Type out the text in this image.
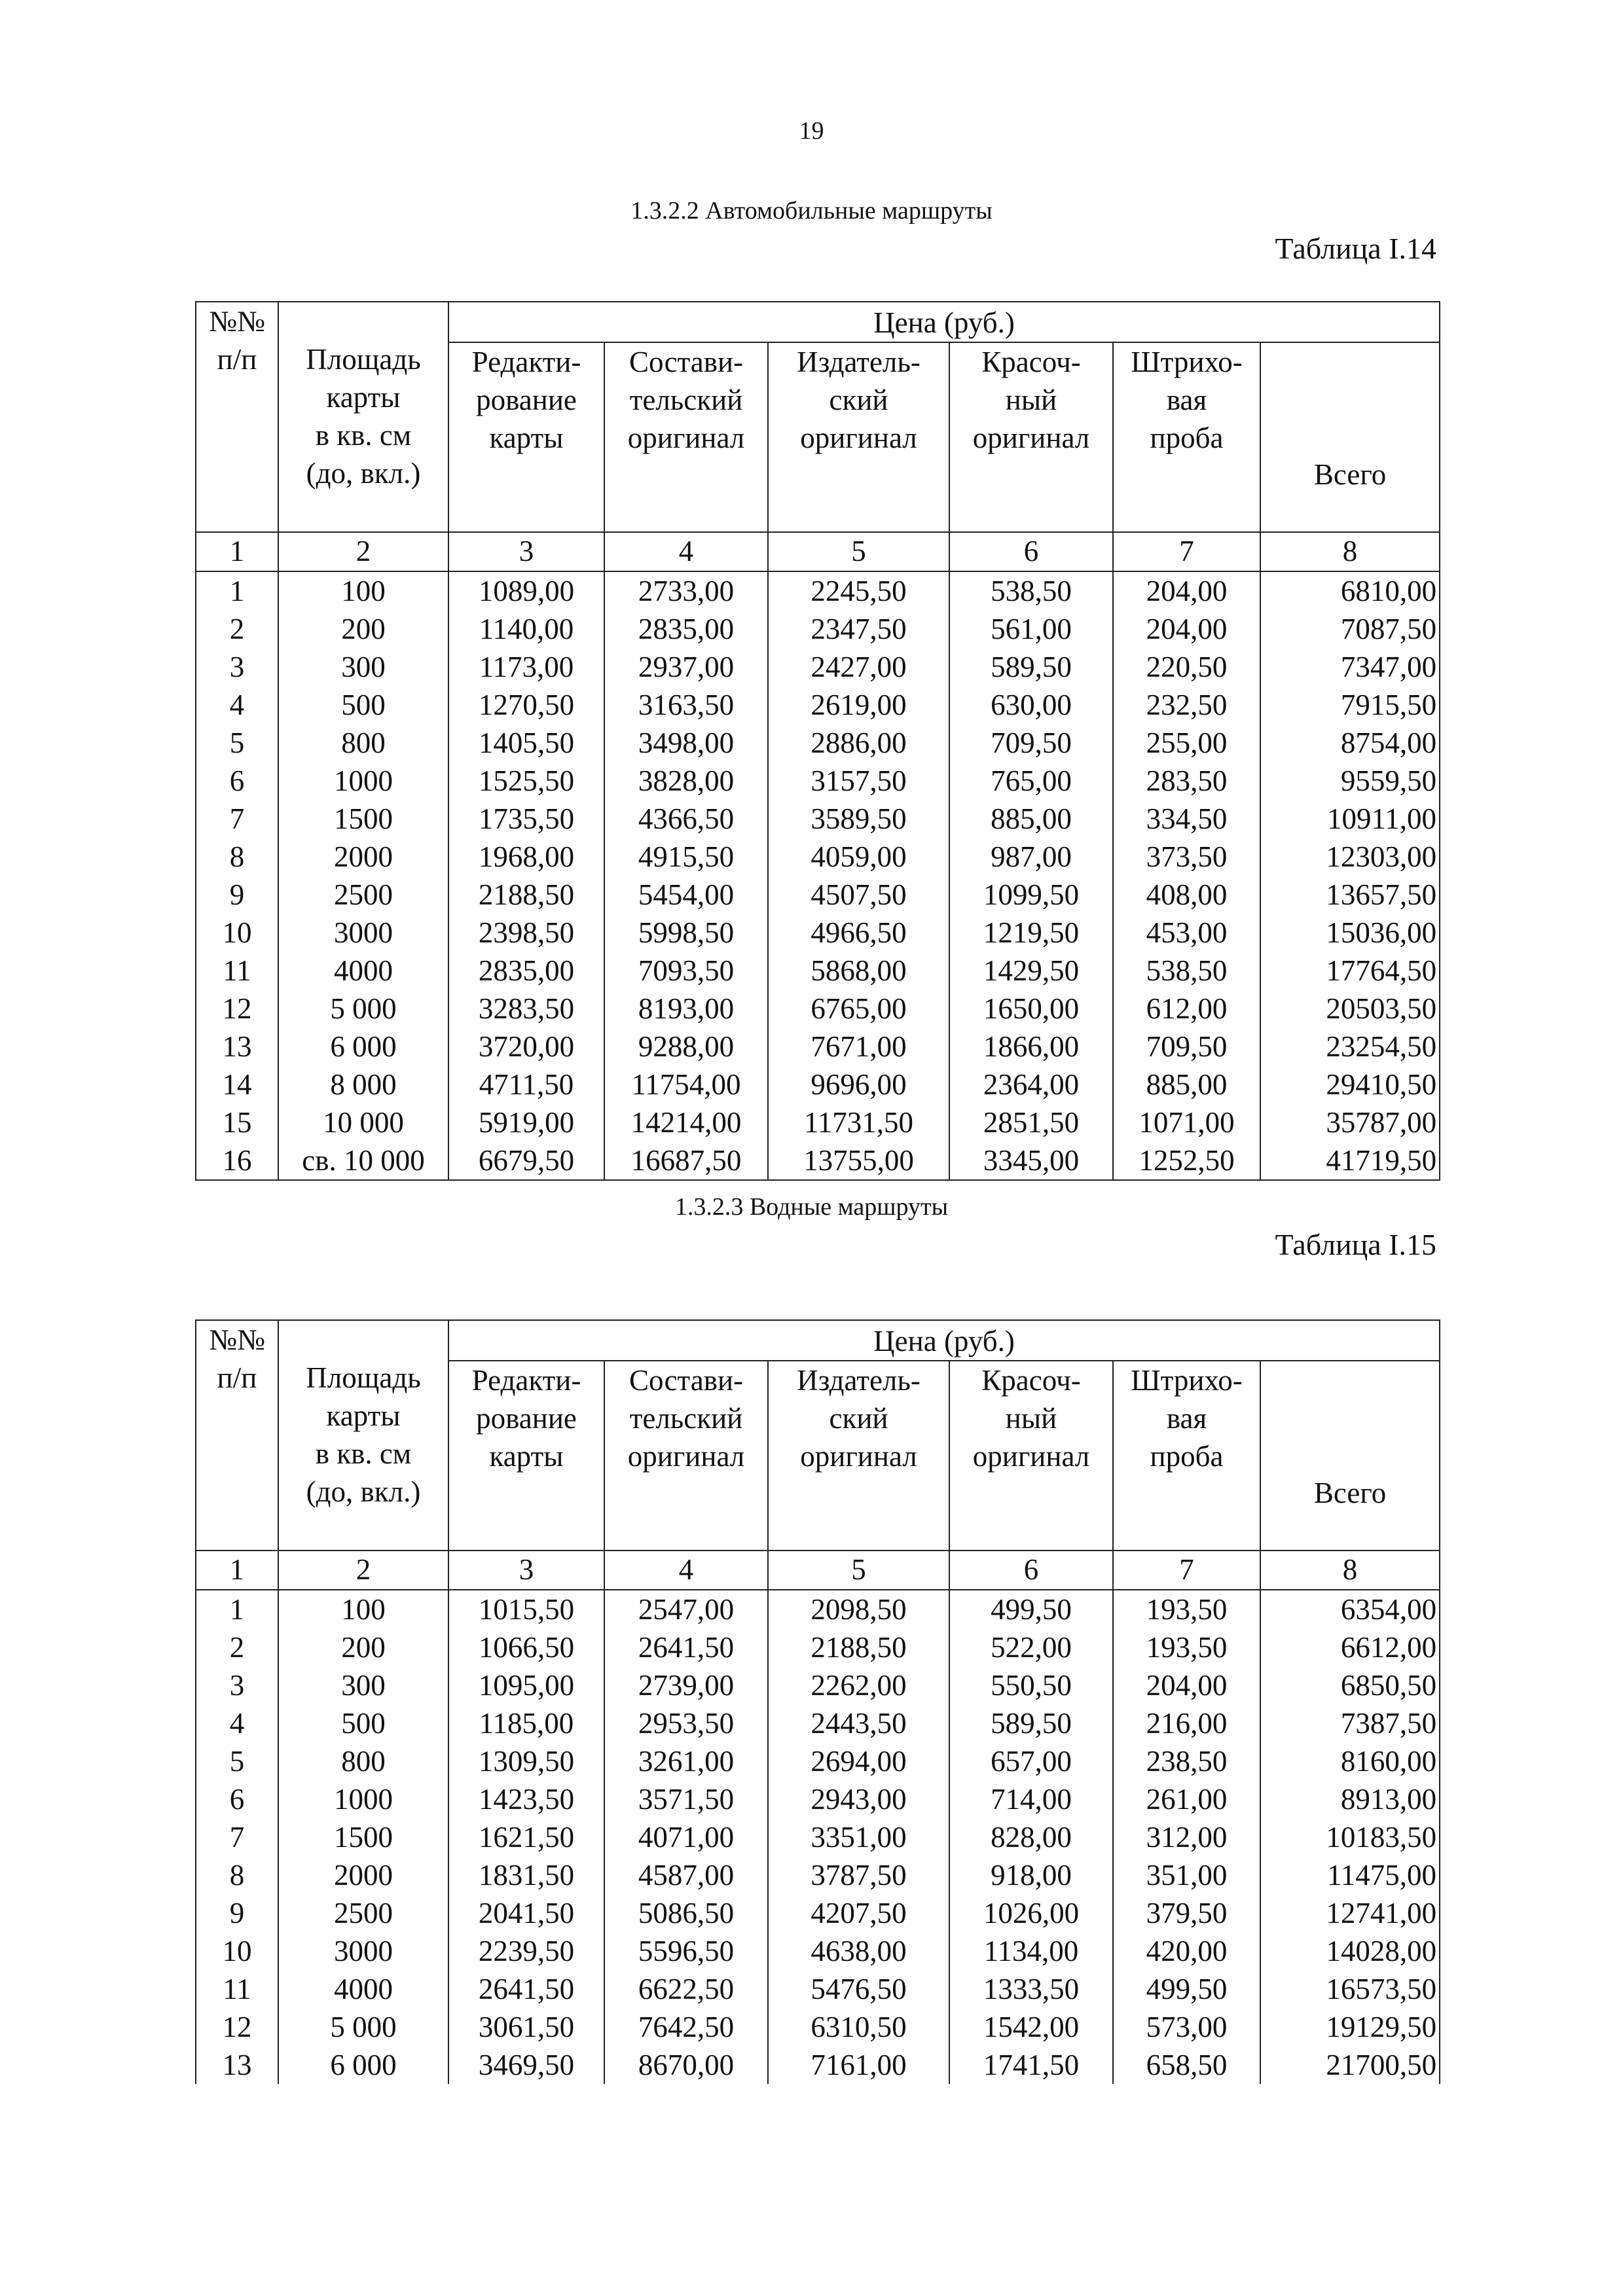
19
1.3.2.2 Автомобильные маршруты
Таблица I.14
№№
п/п	Площадь
карты
в кв. см
(до, вкл.)	Цена (руб.)					

		Редакти-
рование
карты	Состави-
тельский
оригинал	Издатель-
ский
оригинал	Красоч-
ный
оригинал	Штрихо-
вая
проба	Всего
1	2	3	4	5	6	7	8
1	100	1089,00	2733,00	2245,50	538,50	204,00	6810,00
2	200	1140,00	2835,00	2347,50	561,00	204,00	7087,50
3	300	1173,00	2937,00	2427,00	589,50	220,50	7347,00
4	500	1270,50	3163,50	2619,00	630,00	232,50	7915,50
5	800	1405,50	3498,00	2886,00	709,50	255,00	8754,00
6	1000	1525,50	3828,00	3157,50	765,00	283,50	9559,50
7	1500	1735,50	4366,50	3589,50	885,00	334,50	10911,00
8	2000	1968,00	4915,50	4059,00	987,00	373,50	12303,00
9	2500	2188,50	5454,00	4507,50	1099,50	408,00	13657,50
10	3000	2398,50	5998,50	4966,50	1219,50	453,00	15036,00
11	4000	2835,00	7093,50	5868,00	1429,50	538,50	17764,50
12	5 000	3283,50	8193,00	6765,00	1650,00	612,00	20503,50
13	6 000	3720,00	9288,00	7671,00	1866,00	709,50	23254,50
14	8 000	4711,50	11754,00	9696,00	2364,00	885,00	29410,50
15	10 000	5919,00	14214,00	11731,50	2851,50	1071,00	35787,00
16	св. 10 000	6679,50	16687,50	13755,00	3345,00	1252,50	41719,50
1.3.2.3 Водные маршруты
Таблица I.15
№№
п/п	Площадь
карты
в кв. см
(до, вкл.)	Цена (руб.)					

		Редакти-
рование
карты	Состави-
тельский
оригинал	Издатель-
ский
оригинал	Красоч-
ный
оригинал	Штрихо-
вая
проба	Всего
1	2	3	4	5	6	7	8
1	100	1015,50	2547,00	2098,50	499,50	193,50	6354,00
2	200	1066,50	2641,50	2188,50	522,00	193,50	6612,00
3	300	1095,00	2739,00	2262,00	550,50	204,00	6850,50
4	500	1185,00	2953,50	2443,50	589,50	216,00	7387,50
5	800	1309,50	3261,00	2694,00	657,00	238,50	8160,00
6	1000	1423,50	3571,50	2943,00	714,00	261,00	8913,00
7	1500	1621,50	4071,00	3351,00	828,00	312,00	10183,50
8	2000	1831,50	4587,00	3787,50	918,00	351,00	11475,00
9	2500	2041,50	5086,50	4207,50	1026,00	379,50	12741,00
10	3000	2239,50	5596,50	4638,00	1134,00	420,00	14028,00
11	4000	2641,50	6622,50	5476,50	1333,50	499,50	16573,50
12	5 000	3061,50	7642,50	6310,50	1542,00	573,00	19129,50
13	6 000	3469,50	8670,00	7161,00	1741,50	658,50	21700,50
